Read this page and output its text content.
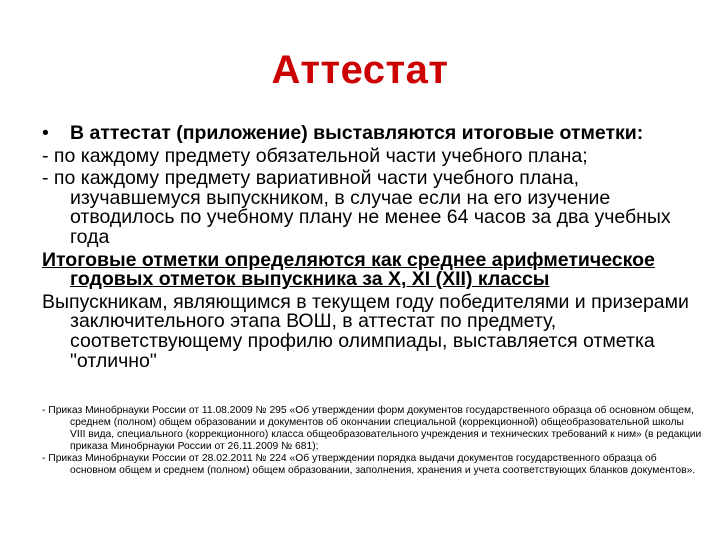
Аттестат
• В аттестат (приложение) выставляются итоговые отметки:
- по каждому предмету обязательной части учебного плана;
- по каждому предмету вариативной части учебного плана, изучавшемуся выпускником, в случае если на его изучение отводилось по учебному плану не менее 64 часов за два учебных года
Итоговые отметки определяются как среднее арифметическое годовых отметок выпускника за X, XI (XII) классы
Выпускникам, являющимся в текущем году победителями и призерами заключительного этапа ВОШ, в аттестат по предмету, соответствующему профилю олимпиады, выставляется отметка "отлично"
- Приказ Минобрнауки России от 11.08.2009 № 295 «Об утверждении форм документов государственного образца об основном общем, среднем (полном) общем образовании и документов об окончании специальной (коррекционной) общеобразовательной школы VIII вида, специального (коррекционного) класса общеобразовательного учреждения и технических требований к ним» (в редакции приказа Минобрнауки России от 26.11.2009 № 681);
- Приказ Минобрнауки России от 28.02.2011 № 224 «Об утверждении порядка выдачи документов государственного образца об основном общем и среднем (полном) общем образовании, заполнения, хранения и учета соответствующих бланков документов».
